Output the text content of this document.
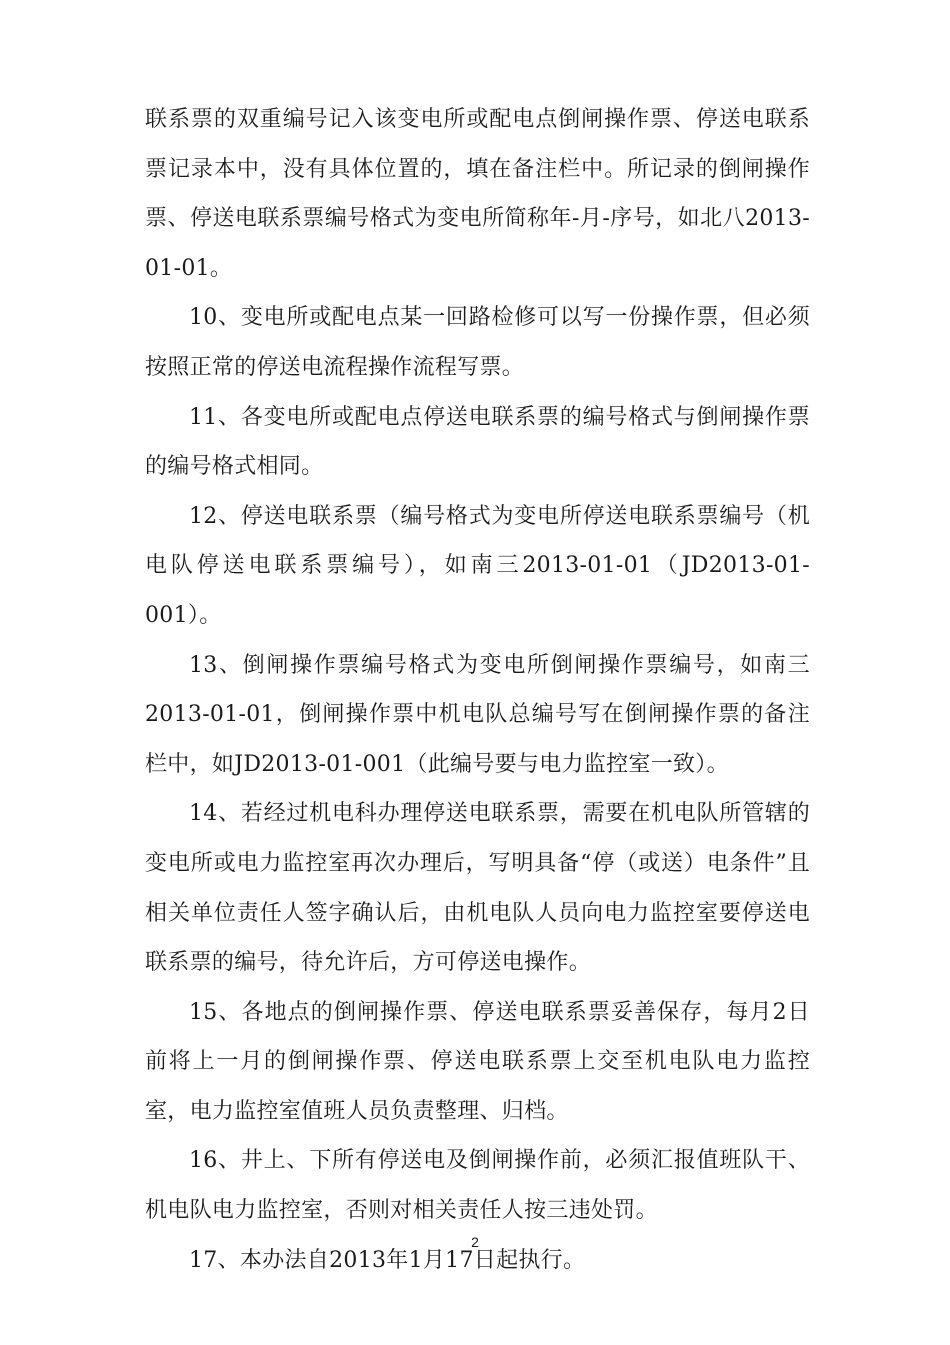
联系票的双重编号记入该变电所或配电点倒闸操作票、停送电联系票记录本中，没有具体位置的，填在备注栏中。所记录的倒闸操作票、停送电联系票编号格式为变电所简称年-月-序号，如北八2013-01-01。

10、变电所或配电点某一回路检修可以写一份操作票，但必须按照正常的停送电流程操作流程写票。

11、各变电所或配电点停送电联系票的编号格式与倒闸操作票的编号格式相同。

12、停送电联系票（编号格式为变电所停送电联系票编号（机电队停送电联系票编号），如南三2013-01-01（JD2013-01-001）。

13、倒闸操作票编号格式为变电所倒闸操作票编号，如南三2013-01-01，倒闸操作票中机电队总编号写在倒闸操作票的备注栏中，如JD2013-01-001（此编号要与电力监控室一致）。

14、若经过机电科办理停送电联系票，需要在机电队所管辖的变电所或电力监控室再次办理后，写明具备“停（或送）电条件”且相关单位责任人签字确认后，由机电队人员向电力监控室要停送电联系票的编号，待允许后，方可停送电操作。

15、各地点的倒闸操作票、停送电联系票妥善保存，每月2日前将上一月的倒闸操作票、停送电联系票上交至机电队电力监控室，电力监控室值班人员负责整理、归档。

16、井上、下所有停送电及倒闸操作前，必须汇报值班队干、机电队电力监控室，否则对相关责任人按三违处罚。

17、本办法自2013年1月17日起执行。

2
